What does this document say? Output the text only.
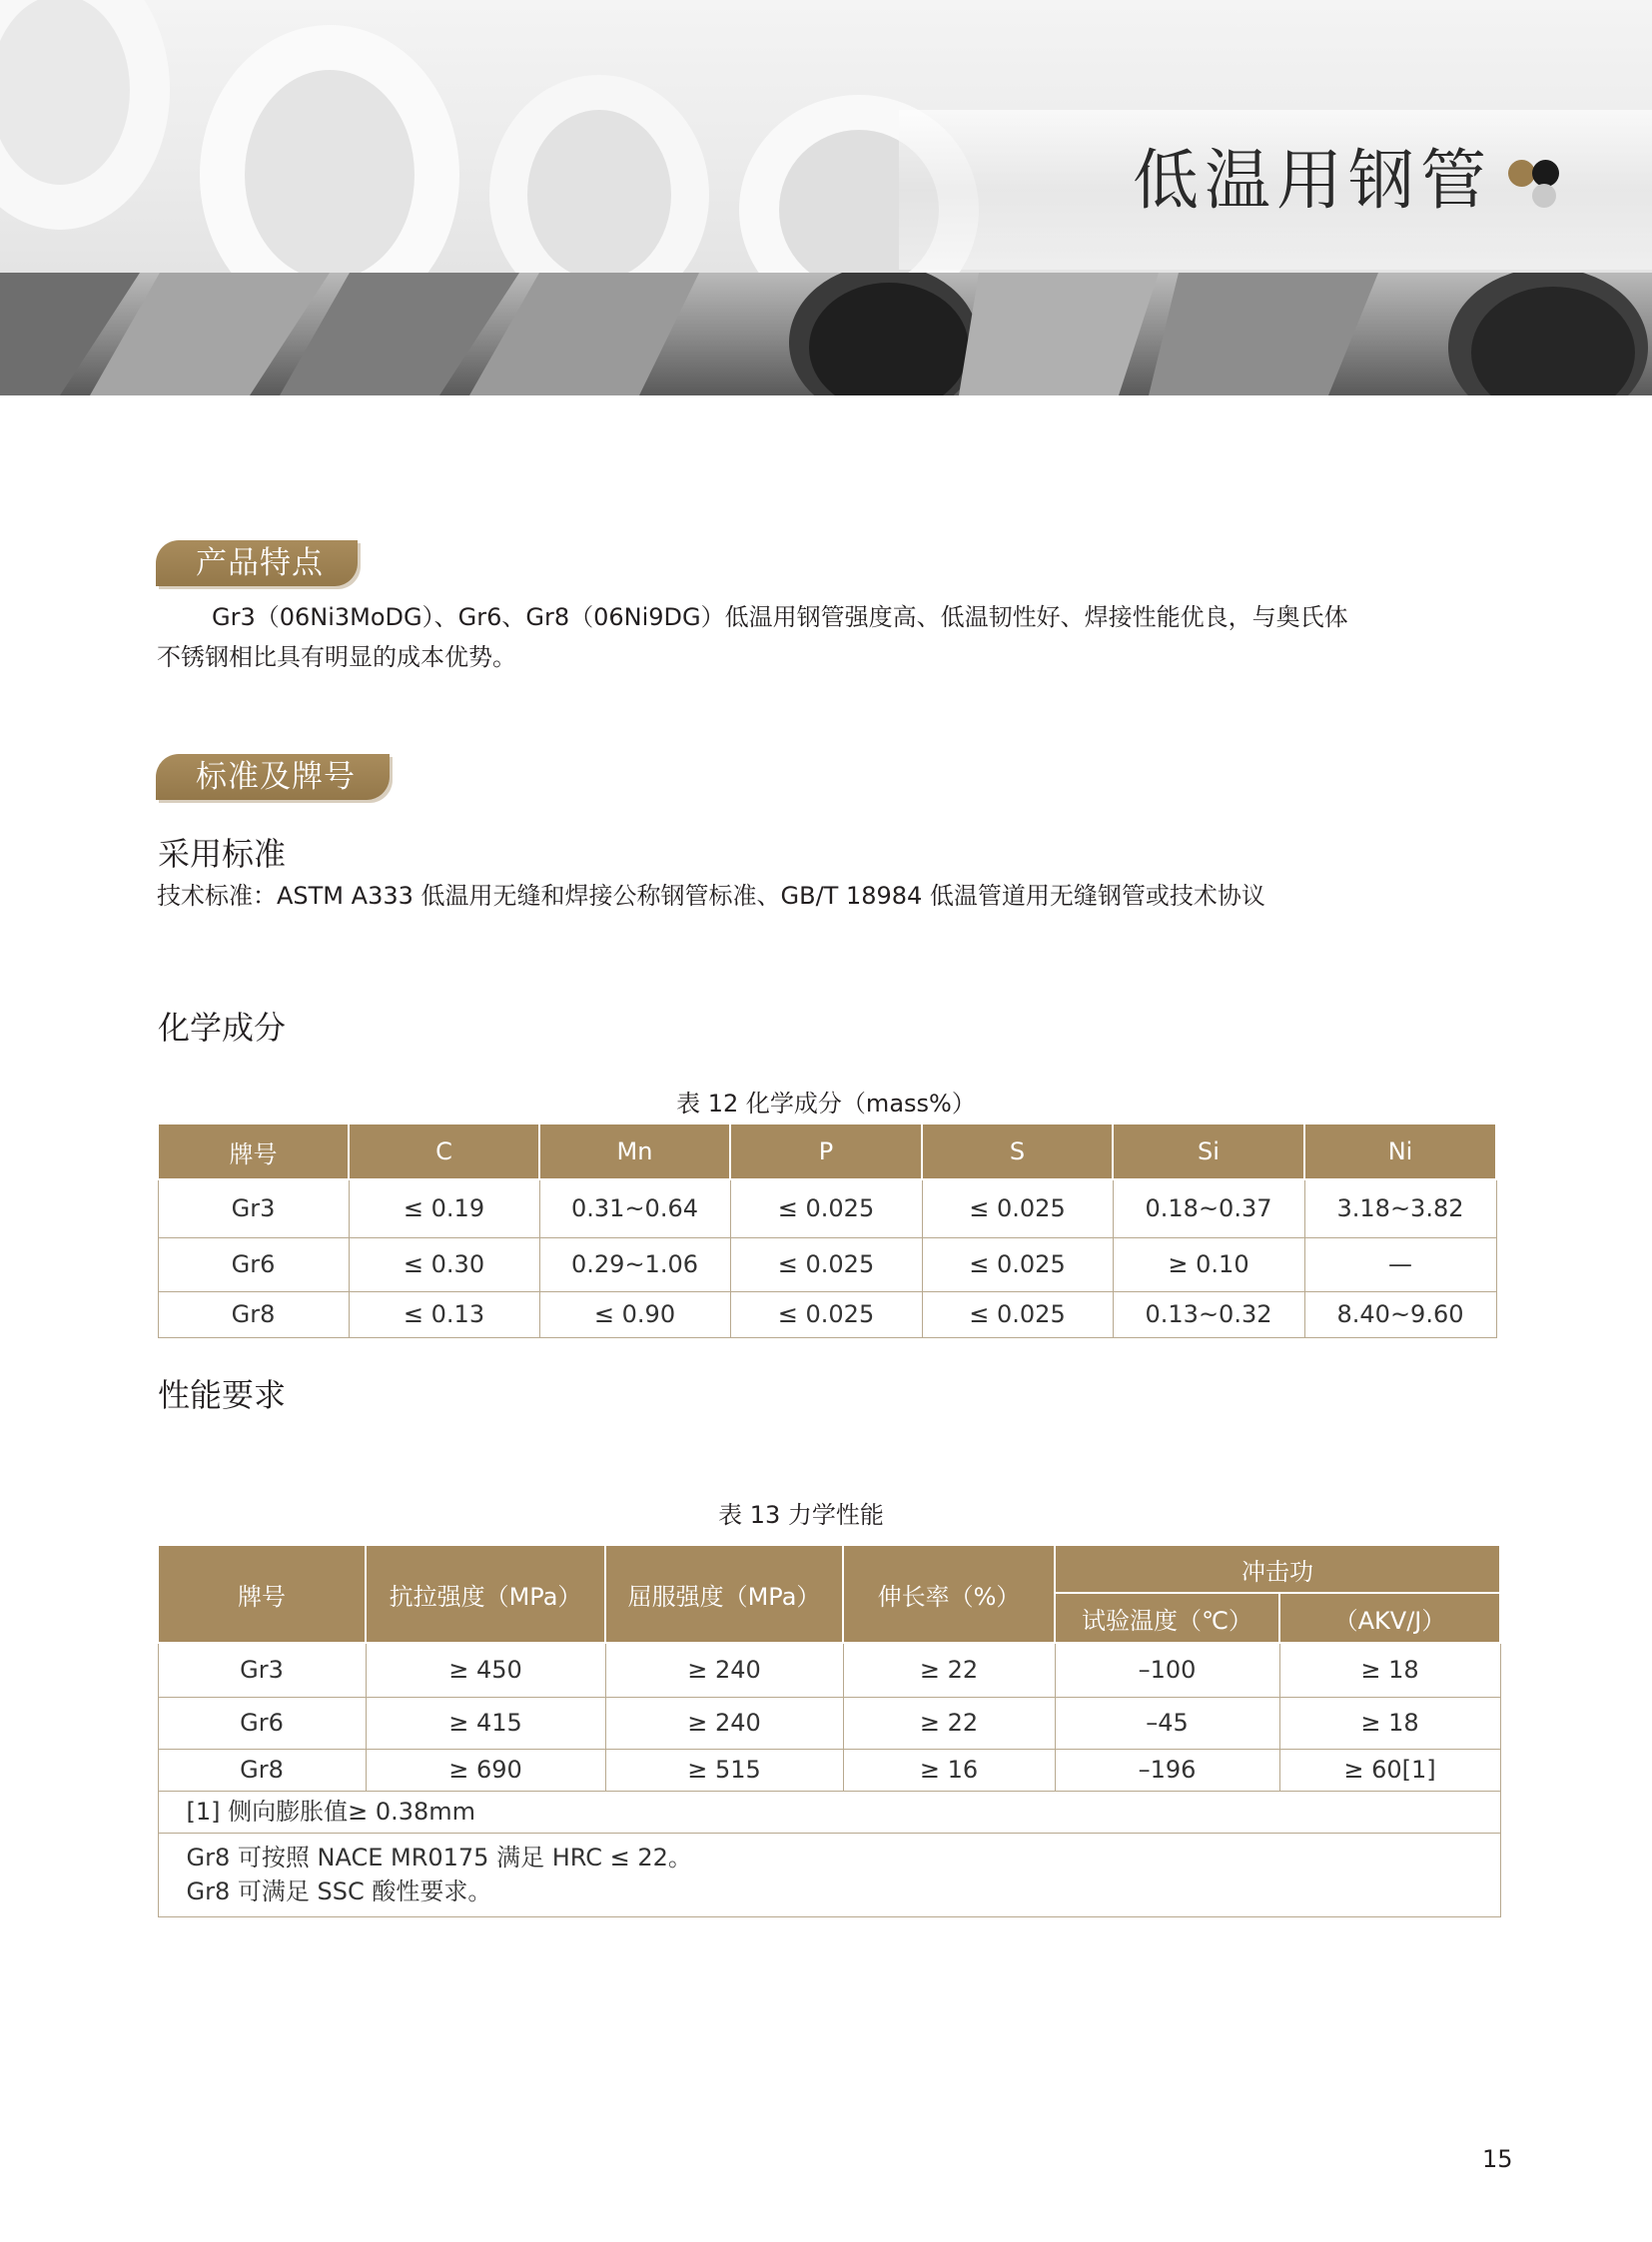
低温用钢管
产品特点
Gr3（06Ni3MoDG）、Gr6、Gr8（06Ni9DG）低温用钢管强度高、低温韧性好、焊接性能优良，与奥氏体
不锈钢相比具有明显的成本优势。
标准及牌号
采用标准
技术标准：ASTM A333 低温用无缝和焊接公称钢管标准、GB/T 18984 低温管道用无缝钢管或技术协议
化学成分
表 12 化学成分（mass%）
牌号	C	Mn	P	S	Si	Ni
Gr3	≤ 0.19	0.31~0.64	≤ 0.025	≤ 0.025	0.18~0.37	3.18~3.82
Gr6	≤ 0.30	0.29~1.06	≤ 0.025	≤ 0.025	≥ 0.10	—
Gr8	≤ 0.13	≤ 0.90	≤ 0.025	≤ 0.025	0.13~0.32	8.40~9.60
性能要求
表 13 力学性能
牌号	抗拉强度（MPa）	屈服强度（MPa）	伸长率（%）	冲击功	
				试验温度（℃）	（AKV/J）
Gr3	≥ 450	≥ 240	≥ 22	–100	≥ 18
Gr6	≥ 415	≥ 240	≥ 22	–45	≥ 18
Gr8	≥ 690	≥ 515	≥ 16	–196	≥ 60[1]
[1] 侧向膨胀值≥ 0.38mm					

Gr8 可按照 NACE MR0175 满足 HRC ≤ 22。
Gr8 可满足 SSC 酸性要求。					
15
